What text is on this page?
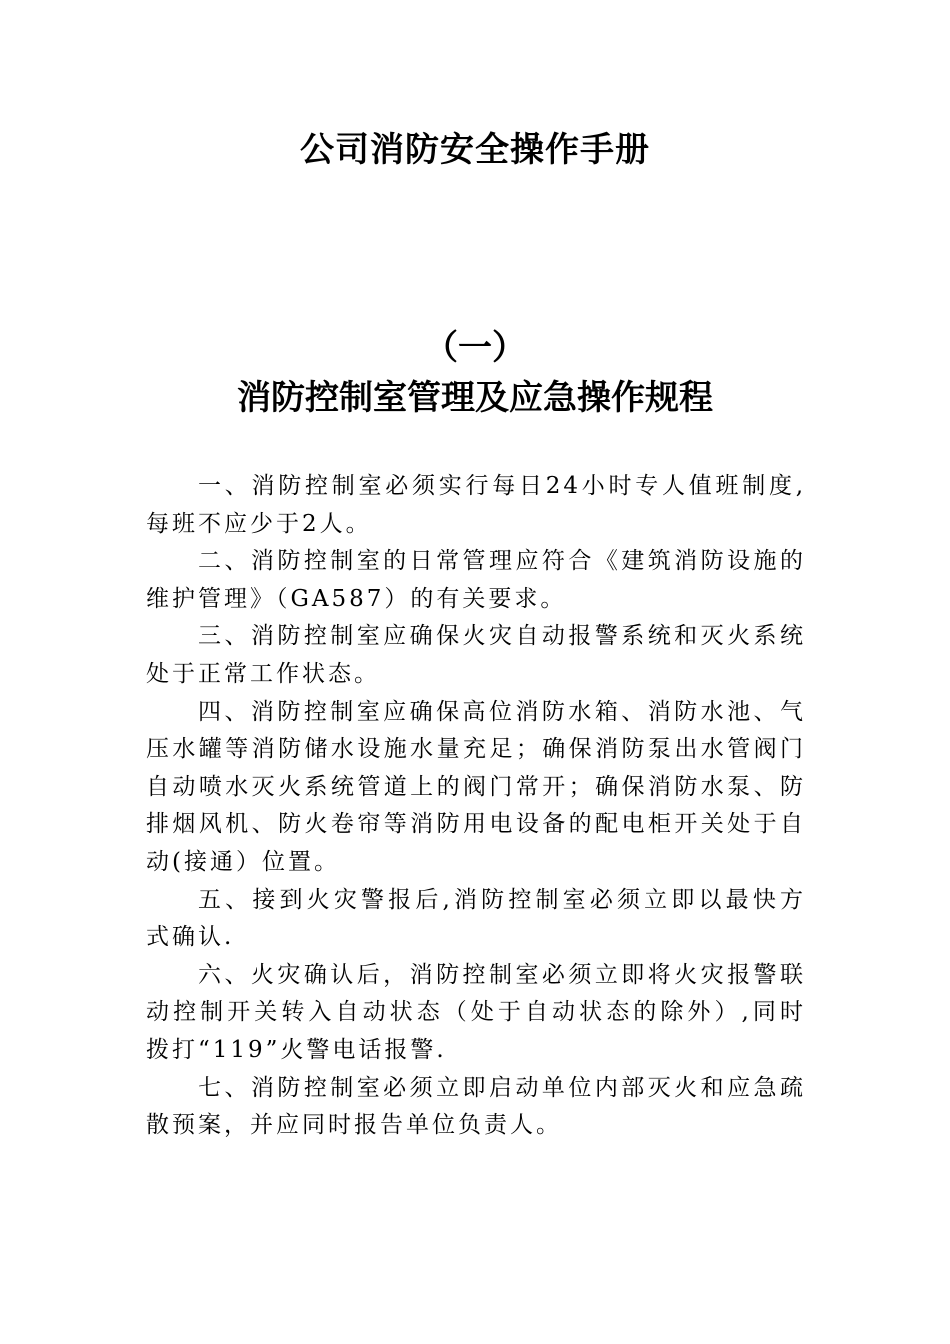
公司消防安全操作手册
（一）
消防控制室管理及应急操作规程

一、消防控制室必须实行每日24小时专人值班制度,每班不应少于2人。

二、消防控制室的日常管理应符合《建筑消防设施的维护管理》（GA587）的有关要求。

三、消防控制室应确保火灾自动报警系统和灭火系统处于正常工作状态。

四、消防控制室应确保高位消防水箱、消防水池、气压水罐等消防储水设施水量充足；确保消防泵出水管阀门自动喷水灭火系统管道上的阀门常开；确保消防水泵、防排烟风机、防火卷帘等消防用电设备的配电柜开关处于自动(接通）位置。

五、接到火灾警报后,消防控制室必须立即以最快方式确认.

六、火灾确认后，消防控制室必须立即将火灾报警联动控制开关转入自动状态（处于自动状态的除外）,同时拨打“119”火警电话报警.

七、消防控制室必须立即启动单位内部灭火和应急疏散预案，并应同时报告单位负责人。
